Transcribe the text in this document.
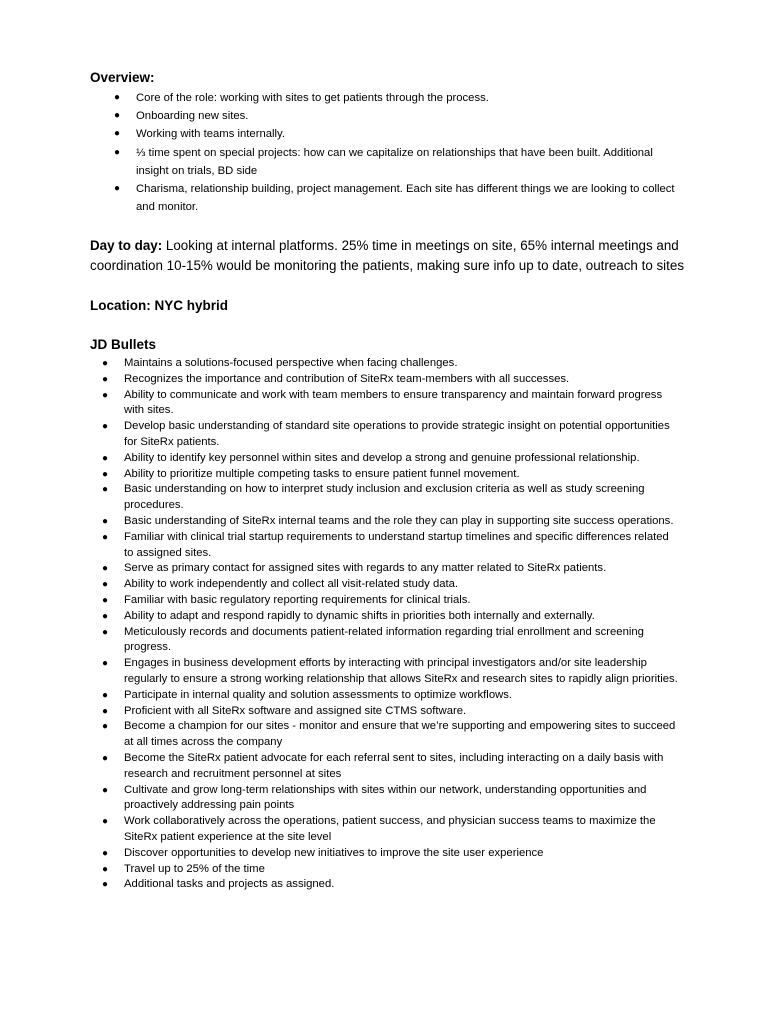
Overview:
● Core of the role: working with sites to get patients through the process.
● Onboarding new sites.
● Working with teams internally.
● ⅓ time spent on special projects: how can we capitalize on relationships that have been built. Additional insight on trials, BD side
● Charisma, relationship building, project management. Each site has different things we are looking to collect and monitor.
Day to day: Looking at internal platforms. 25% time in meetings on site, 65% internal meetings and coordination 10-15% would be monitoring the patients, making sure info up to date, outreach to sites
Location: NYC hybrid
JD Bullets
● Maintains a solutions-focused perspective when facing challenges.
● Recognizes the importance and contribution of SiteRx team-members with all successes.
● Ability to communicate and work with team members to ensure transparency and maintain forward progress with sites.
● Develop basic understanding of standard site operations to provide strategic insight on potential opportunities for SiteRx patients.
● Ability to identify key personnel within sites and develop a strong and genuine professional relationship.
● Ability to prioritize multiple competing tasks to ensure patient funnel movement.
● Basic understanding on how to interpret study inclusion and exclusion criteria as well as study screening procedures.
● Basic understanding of SiteRx internal teams and the role they can play in supporting site success operations.
● Familiar with clinical trial startup requirements to understand startup timelines and specific differences related to assigned sites.
● Serve as primary contact for assigned sites with regards to any matter related to SiteRx patients.
● Ability to work independently and collect all visit-related study data.
● Familiar with basic regulatory reporting requirements for clinical trials.
● Ability to adapt and respond rapidly to dynamic shifts in priorities both internally and externally.
● Meticulously records and documents patient-related information regarding trial enrollment and screening progress.
● Engages in business development efforts by interacting with principal investigators and/or site leadership regularly to ensure a strong working relationship that allows SiteRx and research sites to rapidly align priorities.
● Participate in internal quality and solution assessments to optimize workflows.
● Proficient with all SiteRx software and assigned site CTMS software.
● Become a champion for our sites - monitor and ensure that we’re supporting and empowering sites to succeed at all times across the company
● Become the SiteRx patient advocate for each referral sent to sites, including interacting on a daily basis with research and recruitment personnel at sites
● Cultivate and grow long-term relationships with sites within our network, understanding opportunities and proactively addressing pain points
● Work collaboratively across the operations, patient success, and physician success teams to maximize the SiteRx patient experience at the site level
● Discover opportunities to develop new initiatives to improve the site user experience
● Travel up to 25% of the time
● Additional tasks and projects as assigned.
